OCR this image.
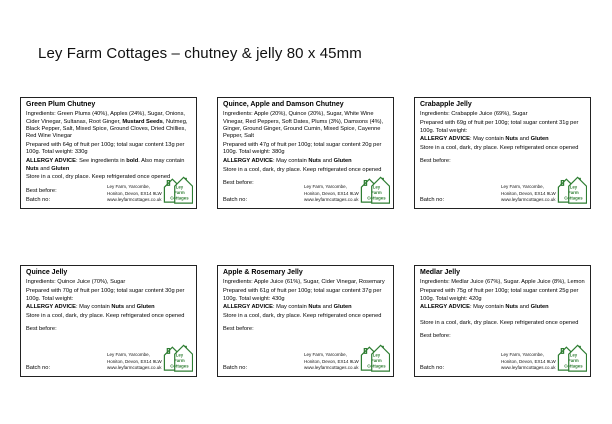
Ley Farm Cottages – chutney & jelly 80 x 45mm
Green Plum Chutney
Ingredients: Green Plums (40%), Apples (24%), Sugar, Onions, Cider Vinegar, Sultanas, Root Ginger, Mustard Seeds, Nutmeg, Black Pepper, Salt, Mixed Spice, Ground Cloves, Dried Chillies, Red Wine Vinegar
Prepared with 64g of fruit per 100g; total sugar content 13g per 100g. Total weight: 330g
ALLERGY ADVICE: See ingredients in bold. Also may contain Nuts and Gluten
Store in a cool, dry place. Keep refrigerated once opened
Best before:
Batch no:
Ley Farm, Yarcombe,
Honiton, Devon, EX14 9LW
www.leyfarmcottages.co.uk
Ley
Farm
Cottages
Quince, Apple and Damson Chutney
Ingredients: Apple (20%), Quince (20%), Sugar, White Wine Vinegar, Red Peppers, Soft Dates, Plums (3%), Damsons (4%), Ginger, Ground Ginger, Ground Cumin, Mixed Spice, Cayenne Pepper, Salt
Prepared with 47g of fruit per 100g; total sugar content 20g per 100g. Total weight: 380g
ALLERGY ADVICE: May contain Nuts and Gluten
Store in a cool, dark, dry place. Keep refrigerated once opened
Best before:
Batch no:
Ley Farm, Yarcombe,
Honiton, Devon, EX14 9LW
www.leyfarmcottages.co.uk
Ley
Farm
Cottages
Crabapple Jelly
Ingredients: Crabapple Juice (69%), Sugar
Prepared with 69g of fruit per 100g; total sugar content 31g per 100g. Total weight:
ALLERGY ADVICE: May contain Nuts and Gluten
Store in a cool, dark, dry place. Keep refrigerated once opened
Best before:
Batch no:
Ley Farm, Yarcombe,
Honiton, Devon, EX14 9LW
www.leyfarmcottages.co.uk
Ley
Farm
Cottages
Quince Jelly
Ingredients: Quince Juice (70%), Sugar
Prepared with 70g of fruit per 100g; total sugar content 30g per 100g. Total weight:
ALLERGY ADVICE: May contain Nuts and Gluten
Store in a cool, dark, dry place. Keep refrigerated once opened
Best before:
Batch no:
Ley Farm, Yarcombe,
Honiton, Devon, EX14 9LW
www.leyfarmcottages.co.uk
Ley
Farm
Cottages
Apple & Rosemary Jelly
Ingredients: Apple Juice (61%), Sugar, Cider Vinegar, Rosemary
Prepared with 61g of fruit per 100g; total sugar content 37g per 100g. Total weight: 430g
ALLERGY ADVICE: May contain Nuts and Gluten
Store in a cool, dark, dry place. Keep refrigerated once opened
Best before:
Batch no:
Ley Farm, Yarcombe,
Honiton, Devon, EX14 9LW
www.leyfarmcottages.co.uk
Ley
Farm
Cottages
Medlar Jelly
Ingredients: Medlar Juice (67%), Sugar. Apple Juice (8%), Lemon
Prepared with 75g of fruit per 100g; total sugar content 25g per 100g. Total weight: 420g
ALLERGY ADVICE: May contain Nuts and Gluten
Store in a cool, dark, dry place. Keep refrigerated once opened
Best before:
Batch no:
Ley Farm, Yarcombe,
Honiton, Devon, EX14 9LW
www.leyfarmcottages.co.uk
Ley
Farm
Cottages
